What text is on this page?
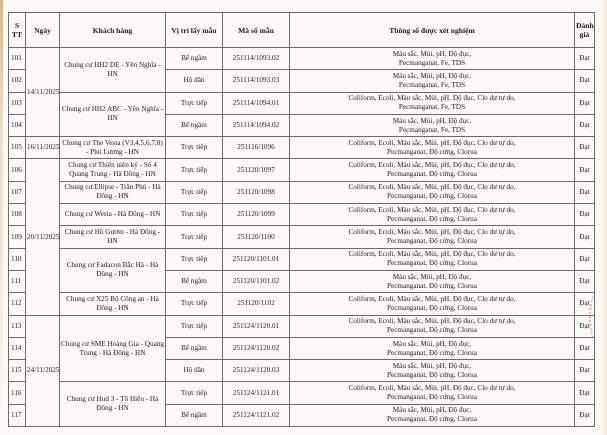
S
TT	Ngày	Khách hàng	Vị trí lấy mẫu	Mã số mẫu	Thông số được xét nghiệm	Đánh
giá
101	14/11/2025	Chung cư HH2 DE - Yên Nghĩa - HN	Bể ngầm	251114/1093.02	Màu sắc, Mùi, pH, Độ đục,
Pecmanganat, Fe, TDS	Đạt
102			Hộ dân	251114/1093.03	Màu sắc, Mùi, pH, Độ đục,
Pecmanganat, Fe, TDS	Đạt
103		Chung cư HH2 ABC - Yên Nghĩa - HN	Trực tiếp	251114/1094.01	Coliform, Ecoli, Màu sắc, Mùi, pH, Độ đục, Clo dư tự do,
Pecmanganat, Fe, TDS	Đạt
104			Bể ngầm	251114/1094.02	Màu sắc, Mùi, pH, Độ đục,
Pecmanganat, Fe, TDS	Đạt
105	16/11/2025	Chung cư The Vesta (V3,4,5,6,7,8) - Phú Lương - HN	Trực tiếp	251116/1096	Coliform, Ecoli, Màu sắc, Mùi, pH, Độ đục, Clo dư tự do,
Pecmanganat, Độ cứng, Clorua	Đạt
106	20/11/2025	Chung cư Thiên niên kỷ - Số 4 Quang Trung - Hà Đông - HN	Trực tiếp	251120/1097	Coliform, Ecoli, Màu sắc, Mùi, pH, Độ đục, Clo dư tự do,
Pecmanganat, Độ cứng, Clorua	Đạt
107		Chung cư Ellipse - Trần Phú - Hà Đông - HN	Trực tiếp	251120/1098	Coliform, Ecoli, Màu sắc, Mùi, pH, Độ đục, Clo dư tự do,
Pecmanganat, Độ cứng, Clorua	Đạt
108		Chung cư Westa - Hà Đông - HN	Trực tiếp	251120/1099	Coliform, Ecoli, Màu sắc, Mùi, pH, Độ đục, Clo dư tự do,
Pecmanganat, Độ cứng, Clorua	Đạt
109		Chung cư Hồ Gươm - Hà Đông - HN	Trực tiếp	251120/1100	Coliform, Ecoli, Màu sắc, Mùi, pH, Độ đục, Clo dư tự do,
Pecmanganat, Độ cứng, Clorua	Đạt
110		Chung cư Fadacon Bắc Hà - Hà Đông - HN	Trực tiếp	251120/1101.01	Coliform, Ecoli, Màu sắc, Mùi, pH, Độ đục, Clo dư tự do,
Pecmanganat, Độ cứng, Clorua	Đạt
111			Bể ngầm	251120/1101.02	Màu sắc, Mùi, pH, Độ đục,
Pecmanganat, Độ cứng, Clorua	Đạt
112		Chung cư X25 Bộ Công an - Hà Đông - HN	Trực tiếp	251120/1102	Coliform, Ecoli, Màu sắc, Mùi, pH, Độ đục, Clo dư tự do,
Pecmanganat, Độ cứng, Clorua	Đạt
113	24/11/2025	Chung cư SME Hoàng Gia - Quang Trung - Hà Đông - HN	Trực tiếp	251124/1120.01	Coliform, Ecoli, Màu sắc, Mùi, pH, Độ đục, Clo dư tự do,
Pecmanganat, Độ cứng, Clorua	Đạt
114			Bể ngầm	251124/1120.02	Màu sắc, Mùi, pH, Độ đục,
Pecmanganat, Độ cứng, Clorua	Đạt
115			Hộ dân	251124/1120.03	Màu sắc, Mùi, pH, Độ đục,
Pecmanganat, Độ cứng, Clorua	Đạt
116		Chung cư Hud 3 - Tô Hiệu - Hà Đông - HN	Trực tiếp	251124/1121.01	Coliform, Ecoli, Màu sắc, Mùi, pH, Độ đục, Clo dư tự do,
Pecmanganat, Độ cứng, Clorua	Đạt
117			Bể ngầm	251124/1121.02	Màu sắc, Mùi, pH, Độ đục,
Pecmanganat, Độ cứng, Clorua	Đạt
